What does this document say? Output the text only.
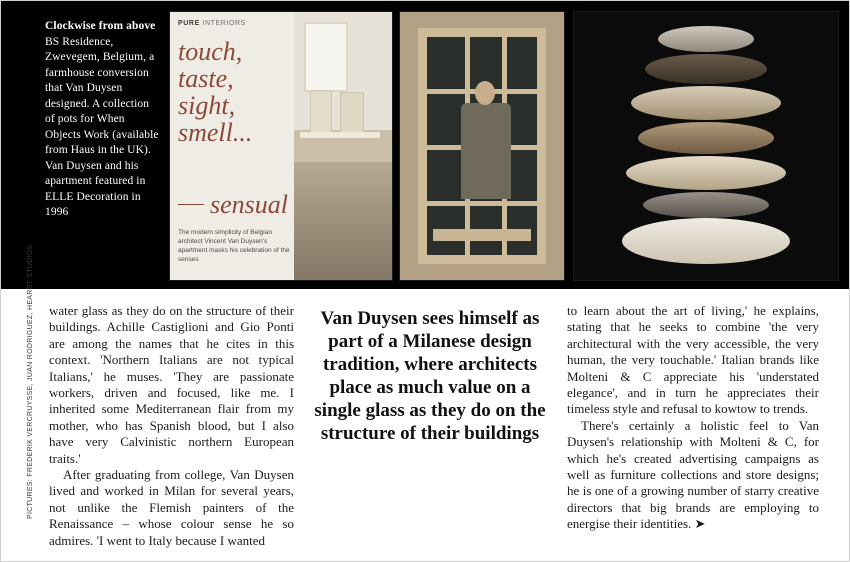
Clockwise from above BS Residence, Zwevegem, Belgium, a farmhouse conversion that Van Duysen designed. A collection of pots for When Objects Work (available from Haus in the UK). Van Duysen and his apartment featured in ELLE Decoration in 1996
PURE INTERIORS
touch,
taste,
sight,
smell...
sensual
The modern simplicity of Belgian architect Vincent Van Duysen's apartment masks his celebration of the senses

water glass as they do on the structure of their buildings. Achille Castiglioni and Gio Ponti are among the names that he cites in this context. 'Northern Italians are not typical Italians,' he muses. 'They are passionate workers, driven and focused, like me. I inherited some Mediterranean flair from my mother, who has Spanish blood, but I also have very Calvinistic northern European traits.'

After graduating from college, Van Duysen lived and worked in Milan for several years, not unlike the Flemish painters of the Renaissance – whose colour sense he so admires. 'I went to Italy because I wanted

Van Duysen sees himself as part of a Milanese design tradition, where architects place as much value on a single glass as they do on the structure of their buildings

to learn about the art of living,' he explains, stating that he seeks to combine 'the very architectural with the very accessible, the very human, the very touchable.' Italian brands like Molteni & C appreciate his 'understated elegance', and in turn he appreciates their timeless style and refusal to kowtow to trends.

There's certainly a holistic feel to Van Duysen's relationship with Molteni & C, for which he's created advertising campaigns as well as furniture collections and store designs; he is one of a growing number of starry creative directors that big brands are employing to energise their identities. ➤
